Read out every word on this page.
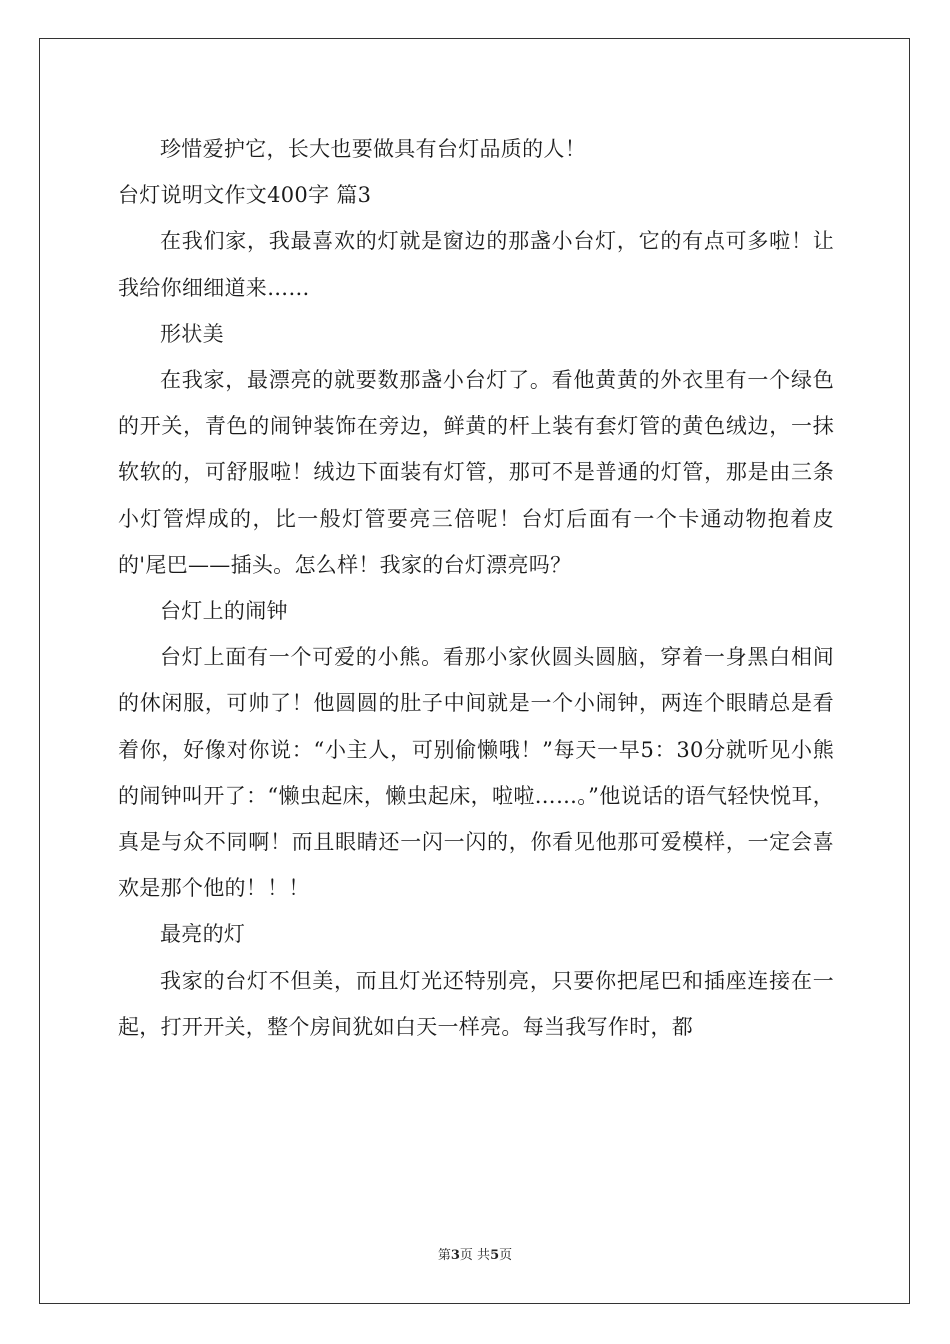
珍惜爱护它，长大也要做具有台灯品质的人！

台灯说明文作文400字 篇3

在我们家，我最喜欢的灯就是窗边的那盏小台灯，它的有点可多啦！让我给你细细道来……

形状美

在我家，最漂亮的就要数那盏小台灯了。看他黄黄的外衣里有一个绿色的开关，青色的闹钟装饰在旁边，鲜黄的杆上装有套灯管的黄色绒边，一抹软软的，可舒服啦！绒边下面装有灯管，那可不是普通的灯管，那是由三条小灯管焊成的，比一般灯管要亮三倍呢！台灯后面有一个卡通动物抱着皮的'尾巴——插头。怎么样！我家的台灯漂亮吗？

台灯上的闹钟

台灯上面有一个可爱的小熊。看那小家伙圆头圆脑，穿着一身黑白相间的休闲服，可帅了！他圆圆的肚子中间就是一个小闹钟，两连个眼睛总是看着你，好像对你说：“小主人，可别偷懒哦！”每天一早5：30分就听见小熊的闹钟叫开了：“懒虫起床，懒虫起床，啦啦……。”他说话的语气轻快悦耳，真是与众不同啊！而且眼睛还一闪一闪的，你看见他那可爱模样，一定会喜欢是那个他的！！！

最亮的灯

我家的台灯不但美，而且灯光还特别亮，只要你把尾巴和插座连接在一起，打开开关，整个房间犹如白天一样亮。每当我写作时，都

第3页 共5页
